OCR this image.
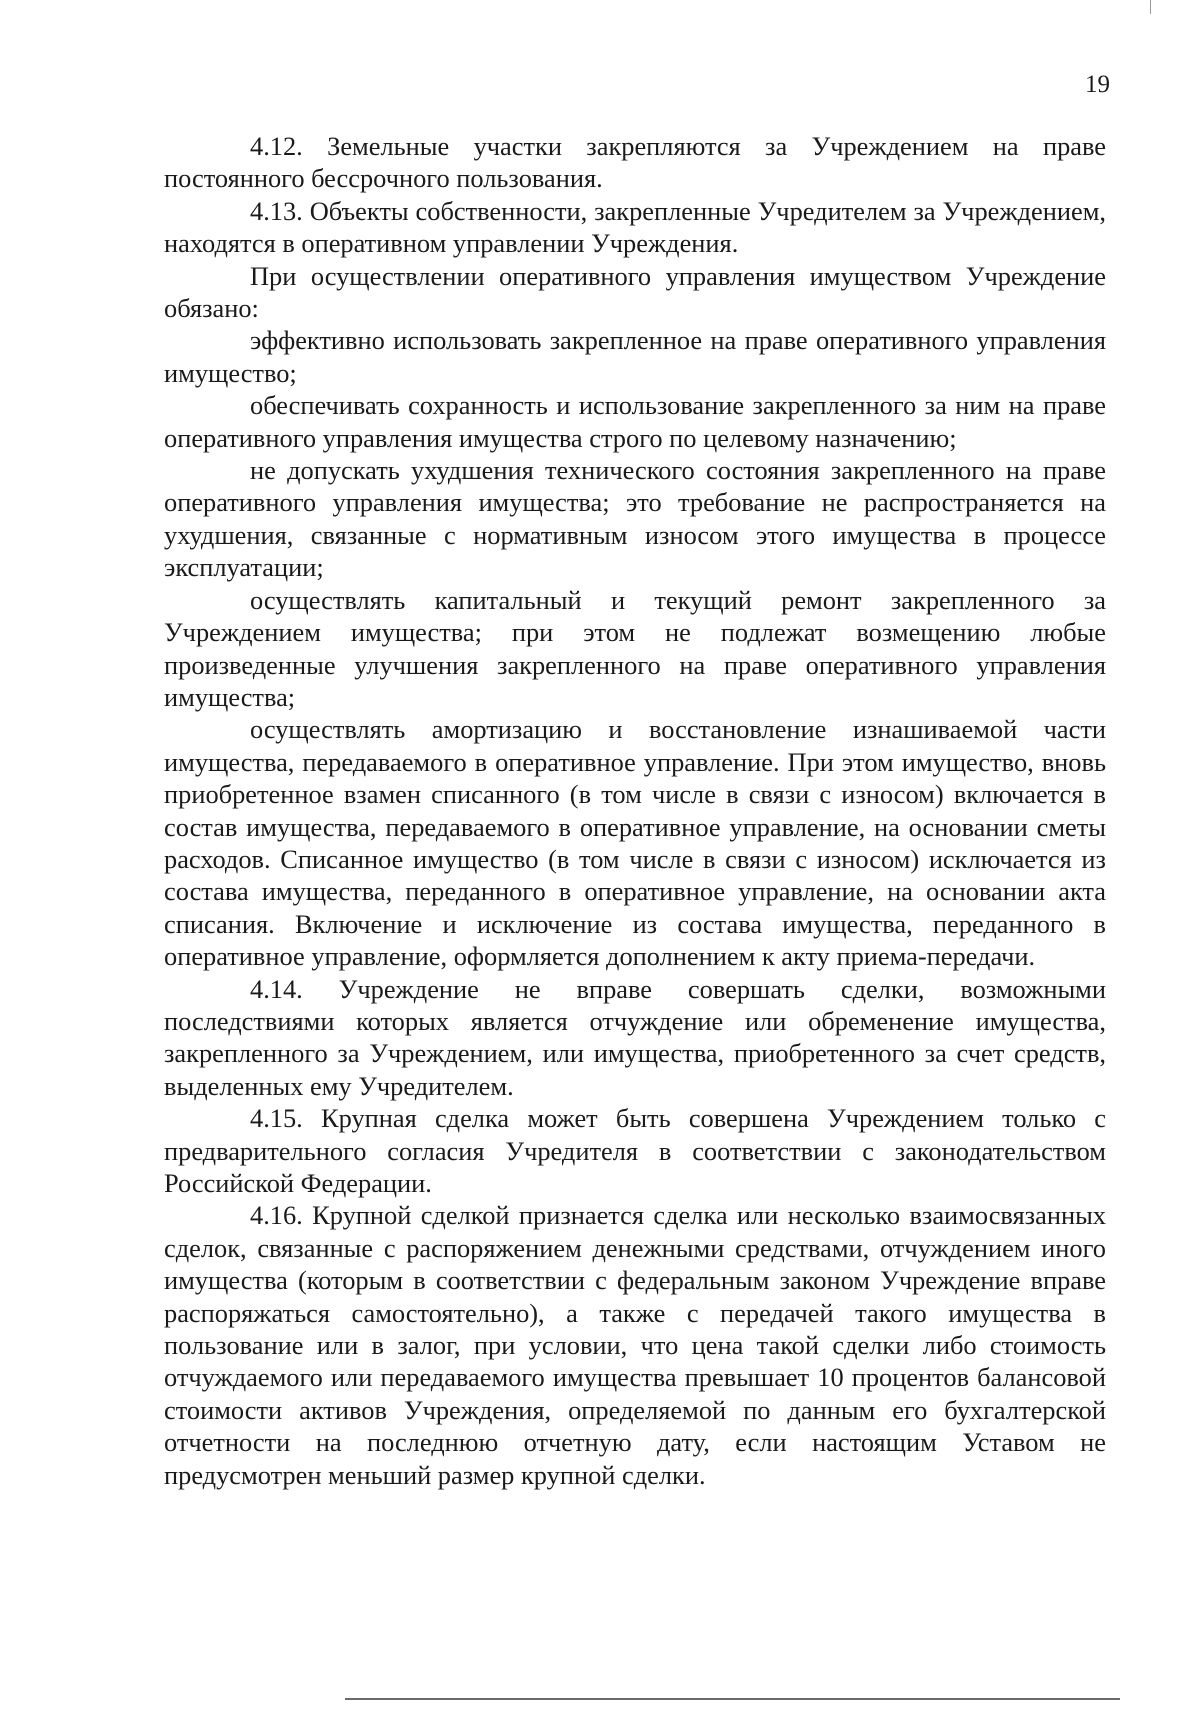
19

4.12. Земельные участки закрепляются за Учреждением на праве постоянного бессрочного пользования.

4.13. Объекты собственности, закрепленные Учредителем за Учреждением, находятся в оперативном управлении Учреждения.

При осуществлении оперативного управления имуществом Учреждение обязано:

эффективно использовать закрепленное на праве оперативного управления имущество;

обеспечивать сохранность и использование закрепленного за ним на праве оперативного управления имущества строго по целевому назначению;

не допускать ухудшения технического состояния закрепленного на праве оперативного управления имущества; это требование не распространяется на ухудшения, связанные с нормативным износом этого имущества в процессе эксплуатации;

осуществлять капитальный и текущий ремонт закрепленного за Учреждением имущества; при этом не подлежат возмещению любые произведенные улучшения закрепленного на праве оперативного управления имущества;

осуществлять амортизацию и восстановление изнашиваемой части имущества, передаваемого в оперативное управление. При этом имущество, вновь приобретенное взамен списанного (в том числе в связи с износом) включается в состав имущества, передаваемого в оперативное управление, на основании сметы расходов. Списанное имущество (в том числе в связи с износом) исключается из состава имущества, переданного в оперативное управление, на основании акта списания. Включение и исключение из состава имущества, переданного в оперативное управление, оформляется дополнением к акту приема-передачи.

4.14. Учреждение не вправе совершать сделки, возможными последствиями которых является отчуждение или обременение имущества, закрепленного за Учреждением, или имущества, приобретенного за счет средств, выделенных ему Учредителем.

4.15. Крупная сделка может быть совершена Учреждением только с предварительного согласия Учредителя в соответствии с законодательством Российской Федерации.

4.16. Крупной сделкой признается сделка или несколько взаимосвязанных сделок, связанные с распоряжением денежными средствами, отчуждением иного имущества (которым в соответствии с федеральным законом Учреждение вправе распоряжаться самостоятельно), а также с передачей такого имущества в пользование или в залог, при условии, что цена такой сделки либо стоимость отчуждаемого или передаваемого имущества превышает 10 процентов балансовой стоимости активов Учреждения, определяемой по данным его бухгалтерской отчетности на последнюю отчетную дату, если настоящим Уставом не предусмотрен меньший размер крупной сделки.
